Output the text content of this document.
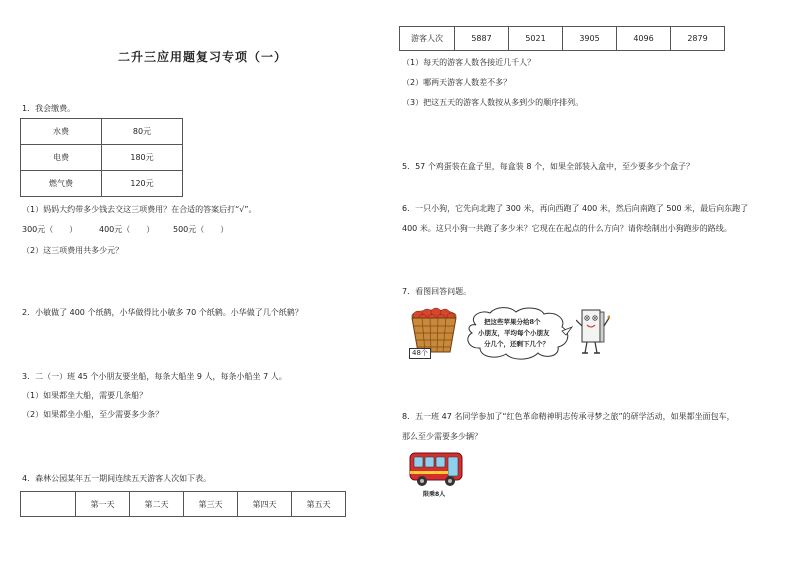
二升三应用题复习专项（一）
1．我会缴费。
水费	80元
电费	180元
燃气费	120元
（1）妈妈大约带多少钱去交这三项费用？在合适的答案后打“√”。
300元（　　）	400元（　　） 500元（　　）
（2）这三项费用共多少元？
2．小敏做了 400 个纸鹤，小华做得比小敏多 70 个纸鹤。小华做了几个纸鹤？
3．二（一）班 45 个小朋友要坐船，每条大船坐 9 人，每条小船坐 7 人。
（1）如果都坐大船，需要几条船？
（2）如果都坐小船，至少需要多少条？
4．森林公园某年五一期间连续五天游客人次如下表。
	第一天	第二天	第三天	第四天	第五天
游客人次	5887	5021	3905	4096	2879
（1）每天的游客人数各接近几千人？
（2）哪两天游客人数差不多？
（3）把这五天的游客人数按从多到少的顺序排列。
5．57 个鸡蛋装在盒子里，每盒装 8 个，如果全部装入盒中，至少要多少个盒子？
6．一只小狗，它先向北跑了 300 米，再向西跑了 400 米，然后向南跑了 500 米，最后向东跑了
400 米。这只小狗一共跑了多少米？它现在在起点的什么方向？请你绘制出小狗跑步的路线。
7．看图回答问题。
48个
把这些苹果分给8个
小朋友，平均每个小朋友
分几个，还剩下几个？
8．五一班 47 名同学参加了“红色革命精神明志传承寻梦之旅”的研学活动，如果都坐面包车，
那么至少需要多少辆？
限乘8人
